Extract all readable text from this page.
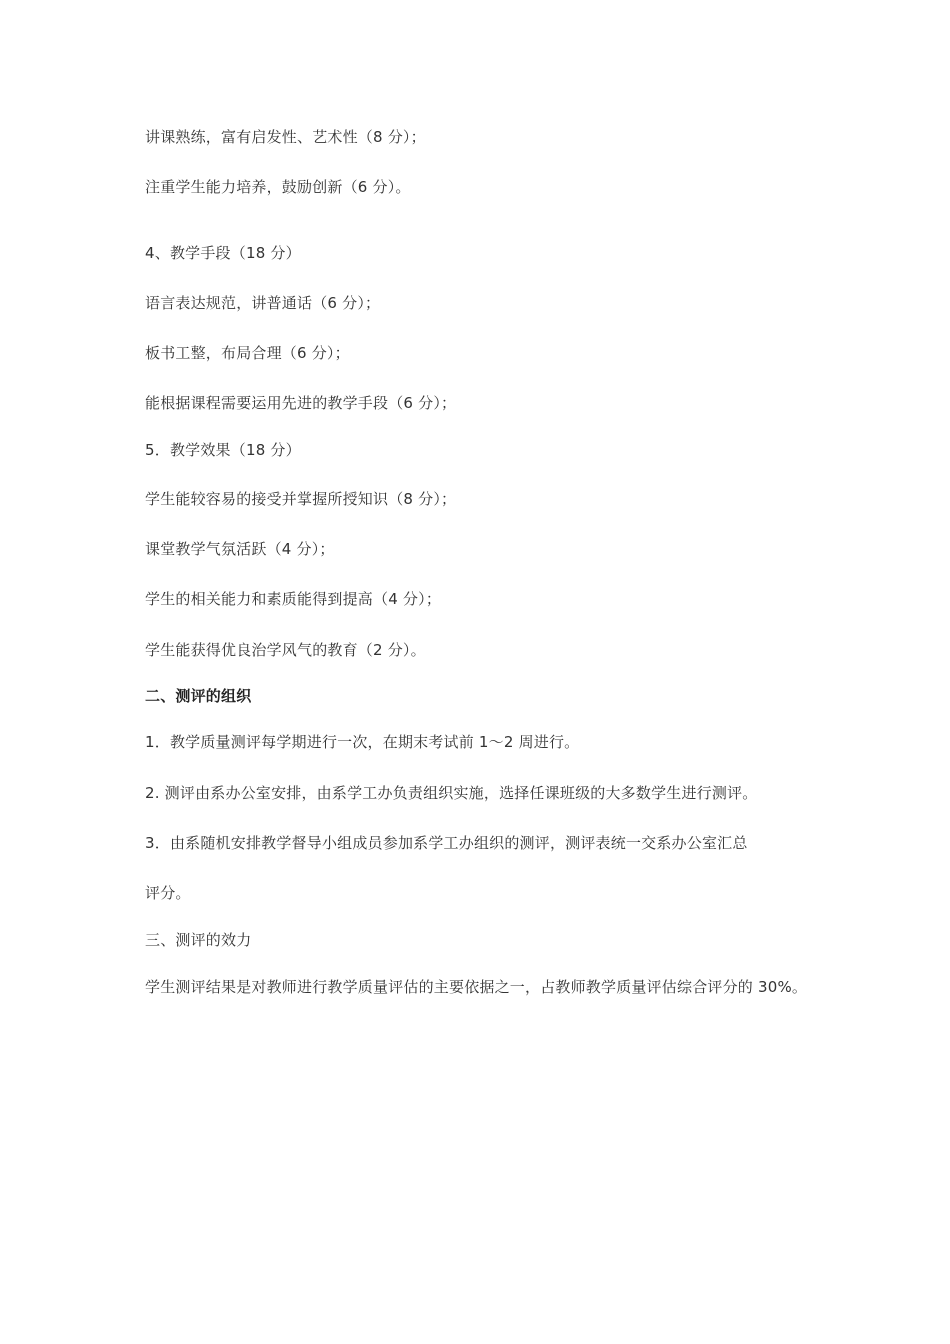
讲课熟练，富有启发性、艺术性（8 分）；
注重学生能力培养，鼓励创新（6 分）。
4、教学手段（18 分）
语言表达规范，讲普通话（6 分）；
板书工整，布局合理（6 分）；
能根据课程需要运用先进的教学手段（6 分）；
5．教学效果（18 分）
学生能较容易的接受并掌握所授知识（8 分）；
课堂教学气氛活跃（4 分）；
学生的相关能力和素质能得到提高（4 分）；
学生能获得优良治学风气的教育（2 分）。
二、测评的组织
1．教学质量测评每学期进行一次，在期末考试前 1～2 周进行。
2. 测评由系办公室安排，由系学工办负责组织实施，选择任课班级的大多数学生进行测评。
3．由系随机安排教学督导小组成员参加系学工办组织的测评，测评表统一交系办公室汇总
评分。
三、测评的效力
学生测评结果是对教师进行教学质量评估的主要依据之一，占教师教学质量评估综合评分的 30%。
